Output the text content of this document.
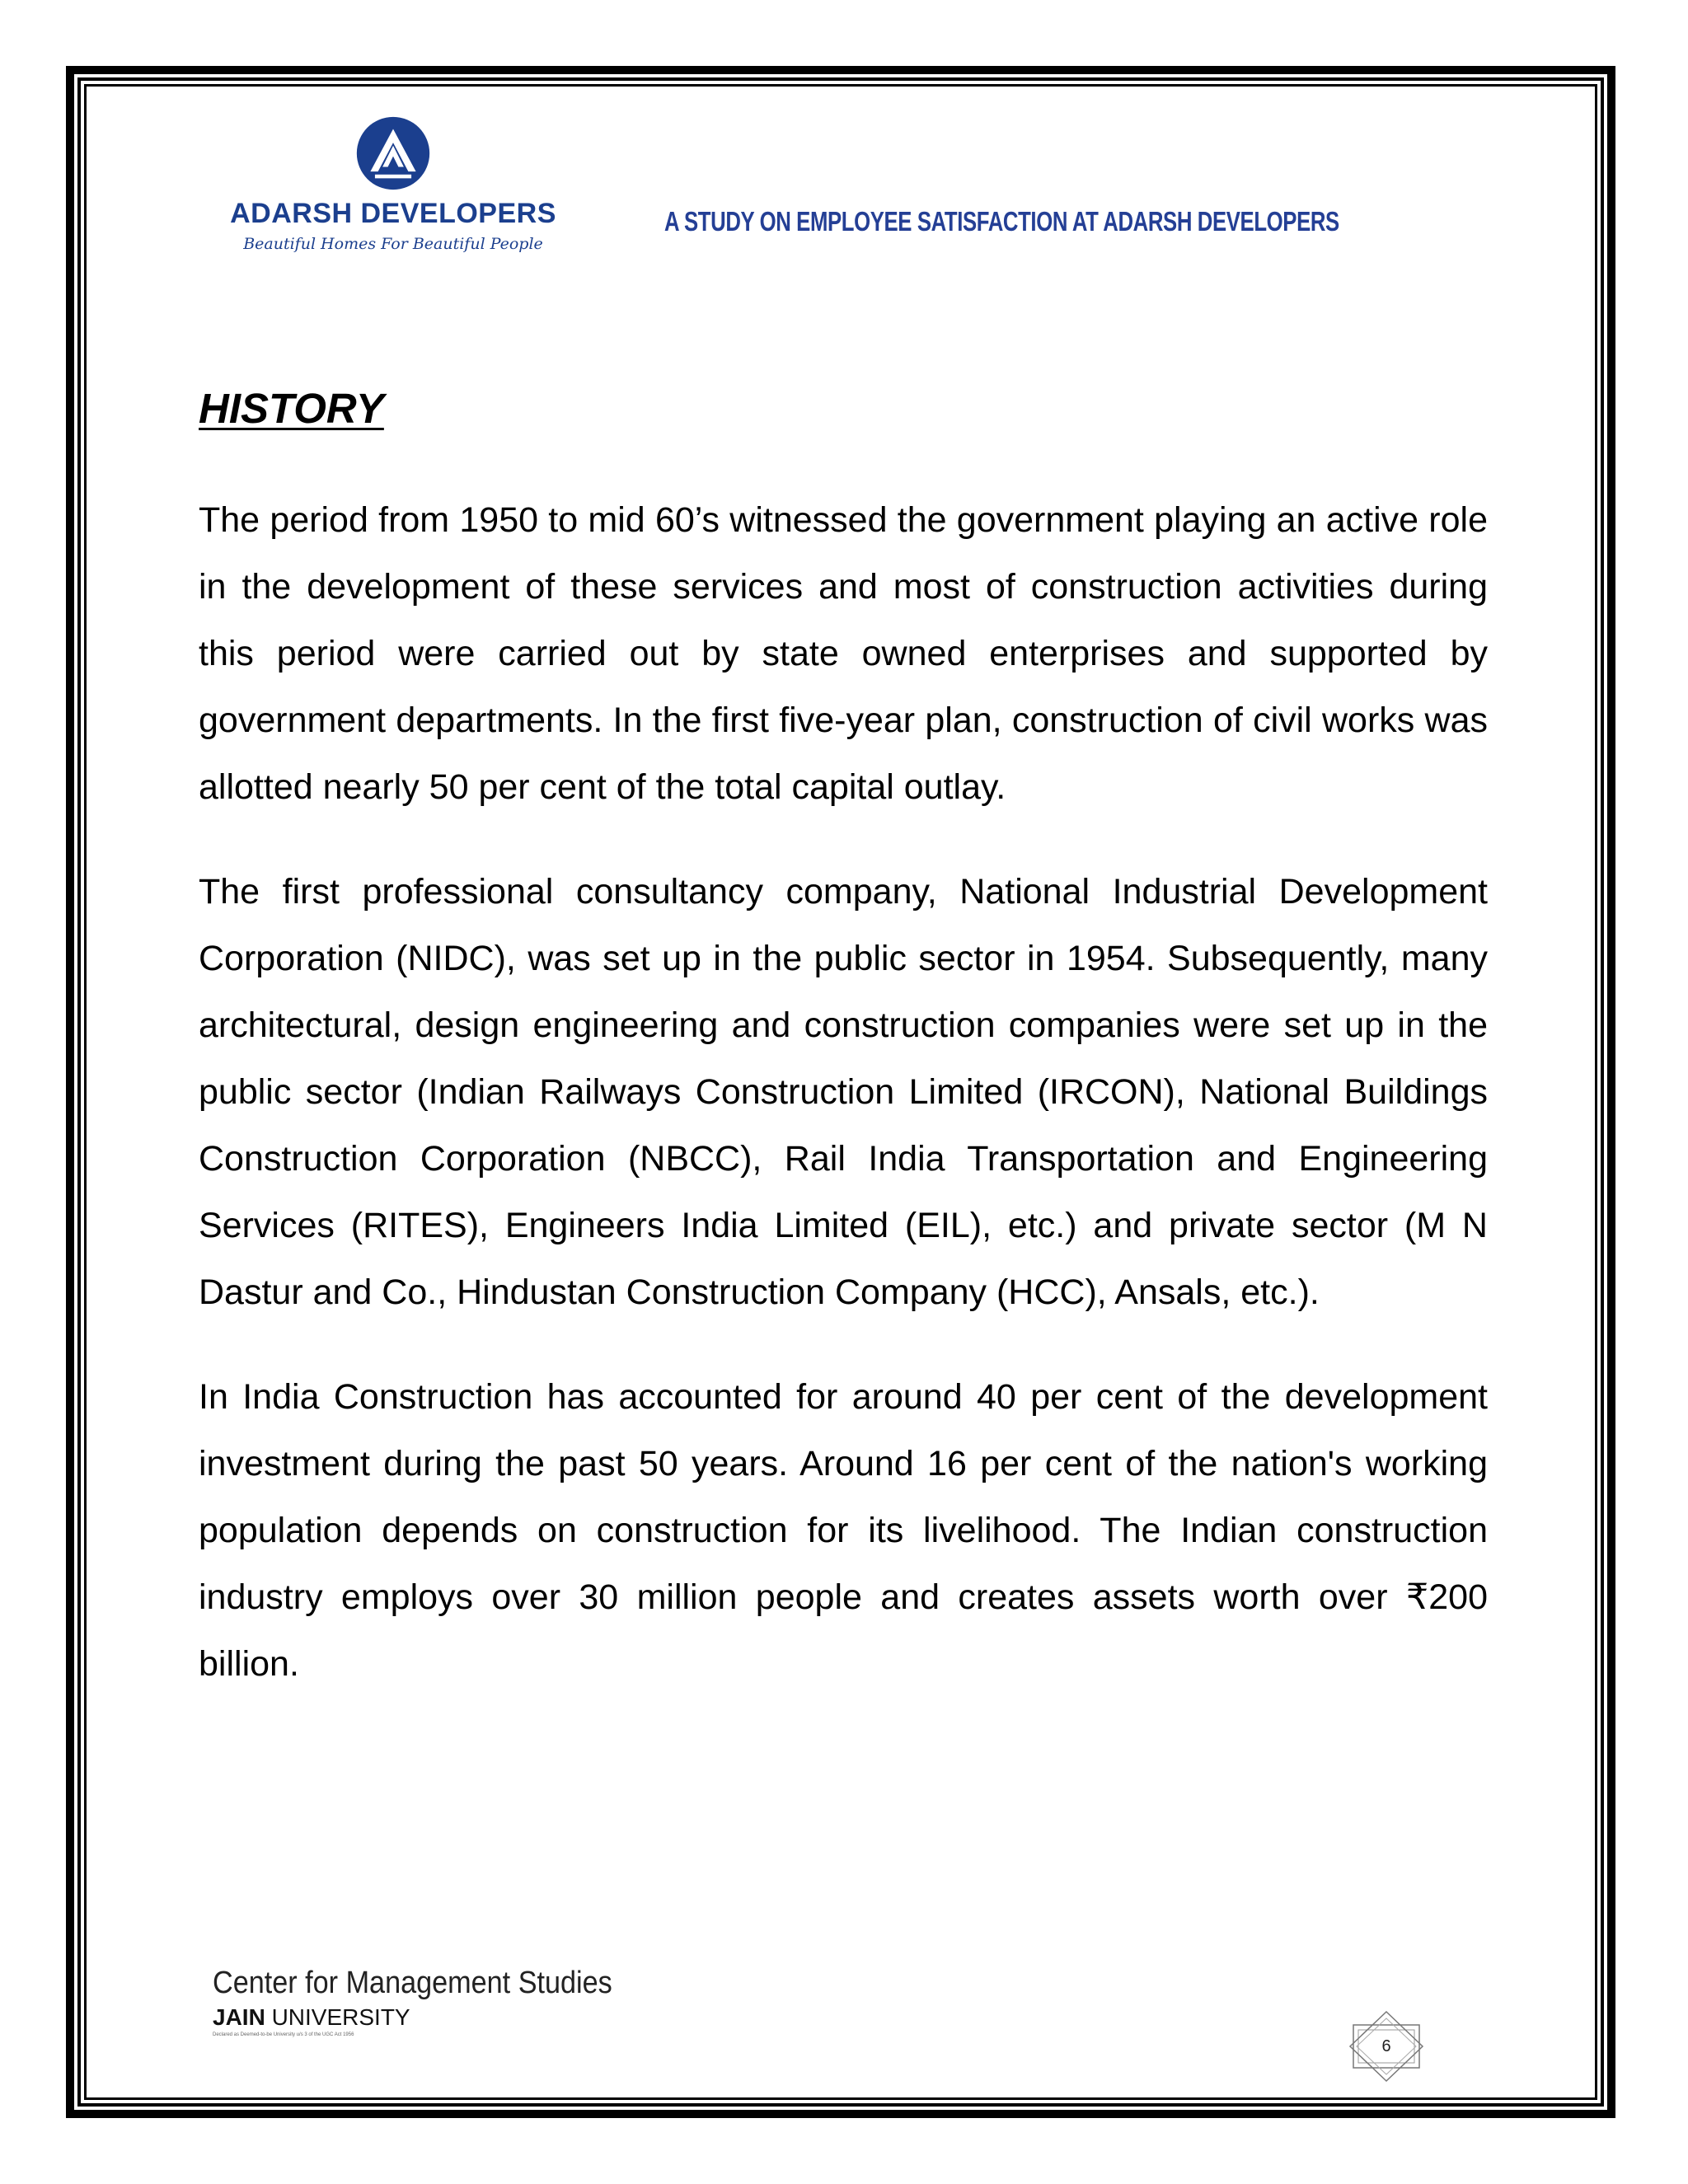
ADARSH DEVELOPERS
Beautiful Homes For Beautiful People
A STUDY ON EMPLOYEE SATISFACTION AT ADARSH DEVELOPERS
HISTORY

The period from 1950 to mid 60’s witnessed the government playing an active role in the development of these services and most of construction activities during this period were carried out by state owned enterprises and supported by government departments. In the first five-year plan, construction of civil works was allotted nearly 50 per cent of the total capital outlay.

The first professional consultancy company, National Industrial Development Corporation (NIDC), was set up in the public sector in 1954. Subsequently, many architectural, design engineering and construction companies were set up in the public sector (Indian Railways Construction Limited (IRCON), National Buildings Construction Corporation (NBCC), Rail India Transportation and Engineering Services (RITES), Engineers India Limited (EIL), etc.) and private sector (M N Dastur and Co., Hindustan Construction Company (HCC), Ansals, etc.).

In India Construction has accounted for around 40 per cent of the development investment during the past 50 years. Around 16 per cent of the nation's working population depends on construction for its livelihood. The Indian construction industry employs over 30 million people and creates assets worth over ₹200 billion.

Center for Management Studies
JAIN UNIVERSITY
Declared as Deemed-to-be University u/s 3 of the UGC Act 1956
6
